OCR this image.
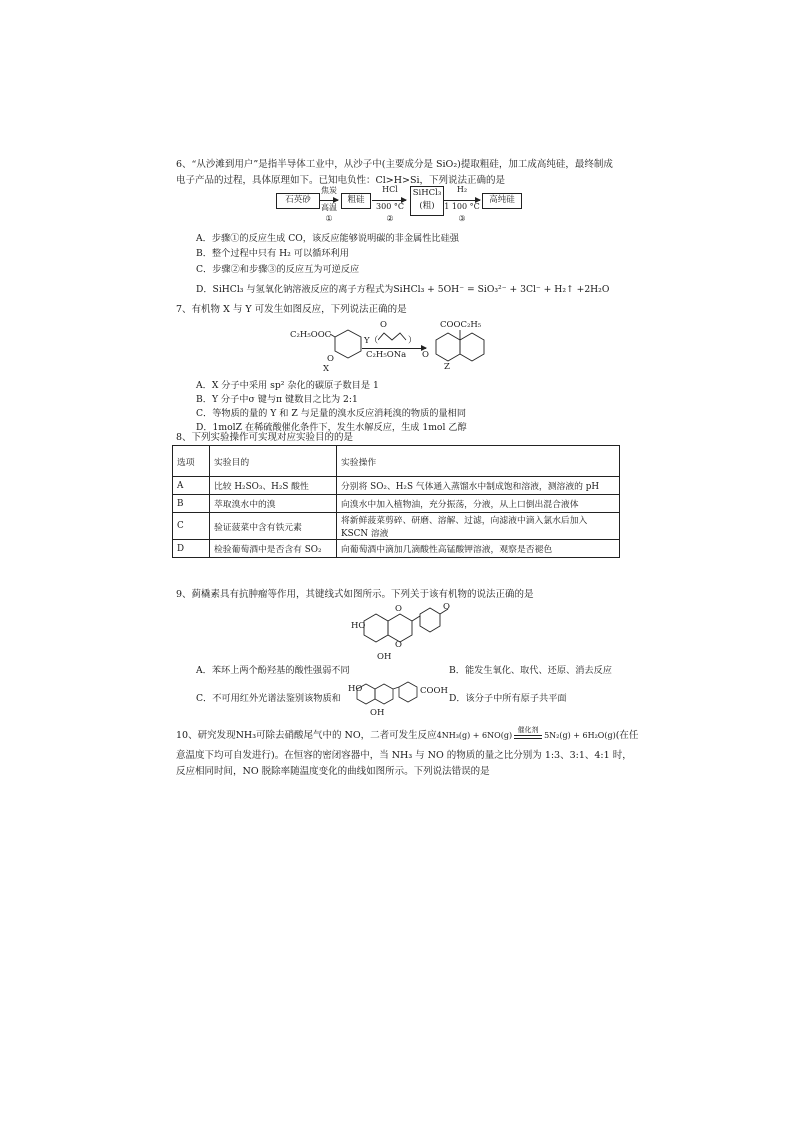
6、“从沙滩到用户”是指半导体工业中，从沙子中(主要成分是 SiO₂)提取粗硅，加工成高纯硅，最终制成
电子产品的过程，具体原理如下。已知电负性：Cl>H>Si，下列说法正确的是
石英砂
焦炭
高温
①
粗硅
HCl
300 °C
②
SiHCl₃
(粗)
H₂
1 100 °C
③
高纯硅
A．步骤①的反应生成 CO，该反应能够说明碳的非金属性比硅强
B．整个过程中只有 H₂ 可以循环利用
C．步骤②和步骤③的反应互为可逆反应
D．SiHCl₃ 与氢氧化钠溶液反应的离子方程式为SiHCl₃ + 5OH⁻ = SiO₃²⁻ + 3Cl⁻ + H₂↑ +2H₂O
7、有机物 X 与 Y 可发生如图反应，下列说法正确的是
C₂H₅OOC
O
X
O
Y（	）
C₂H₅ONa
COOC₂H₅
O
Z
A．X 分子中采用 sp² 杂化的碳原子数目是 1
B．Y 分子中σ 键与π 键数目之比为 2:1
C．等物质的量的 Y 和 Z 与足量的溴水反应消耗溴的物质的量相同
D．1molZ 在稀硫酸催化条件下，发生水解反应，生成 1mol 乙醇
8、下列实验操作可实现对应实验目的的是
选项	实验目的	实验操作
A	比较 H₂SO₃、H₂S 酸性	分别将 SO₂、H₂S 气体通入蒸馏水中制成饱和溶液，测溶液的 pH
B	萃取溴水中的溴	向溴水中加入植物油，充分振荡，分液，从上口倒出混合液体
C	验证菠菜中含有铁元素	将新鲜菠菜剪碎、研磨、溶解、过滤，向滤液中滴入氯水后加入
KSCN 溶液

D	检验葡萄酒中是否含有 SO₂	向葡萄酒中滴加几滴酸性高锰酸钾溶液，观察是否褪色
9、蓟橇素具有抗肿瘤等作用，其键线式如图所示。下列关于该有机物的说法正确的是
HO
O	O
O
OH
A．苯环上两个酚羟基的酸性强弱不同	B．能发生氧化、取代、还原、消去反应
C．不可用红外光谱法鉴别该物质和
HO	COOH
OH
D．该分子中所有原子共平面
10、研究发现NH₃可除去硝酸尾气中的 NO，二者可发生反应4NH₃(g) + 6NO(g)
催化剂
5N₂(g) + 6H₂O(g)(在任
意温度下均可自发进行)。在恒容的密闭容器中，当 NH₃ 与 NO 的物质的量之比分别为 1:3、3:1、4:1 时，
反应相同时间，NO 脱除率随温度变化的曲线如图所示。下列说法错误的是
